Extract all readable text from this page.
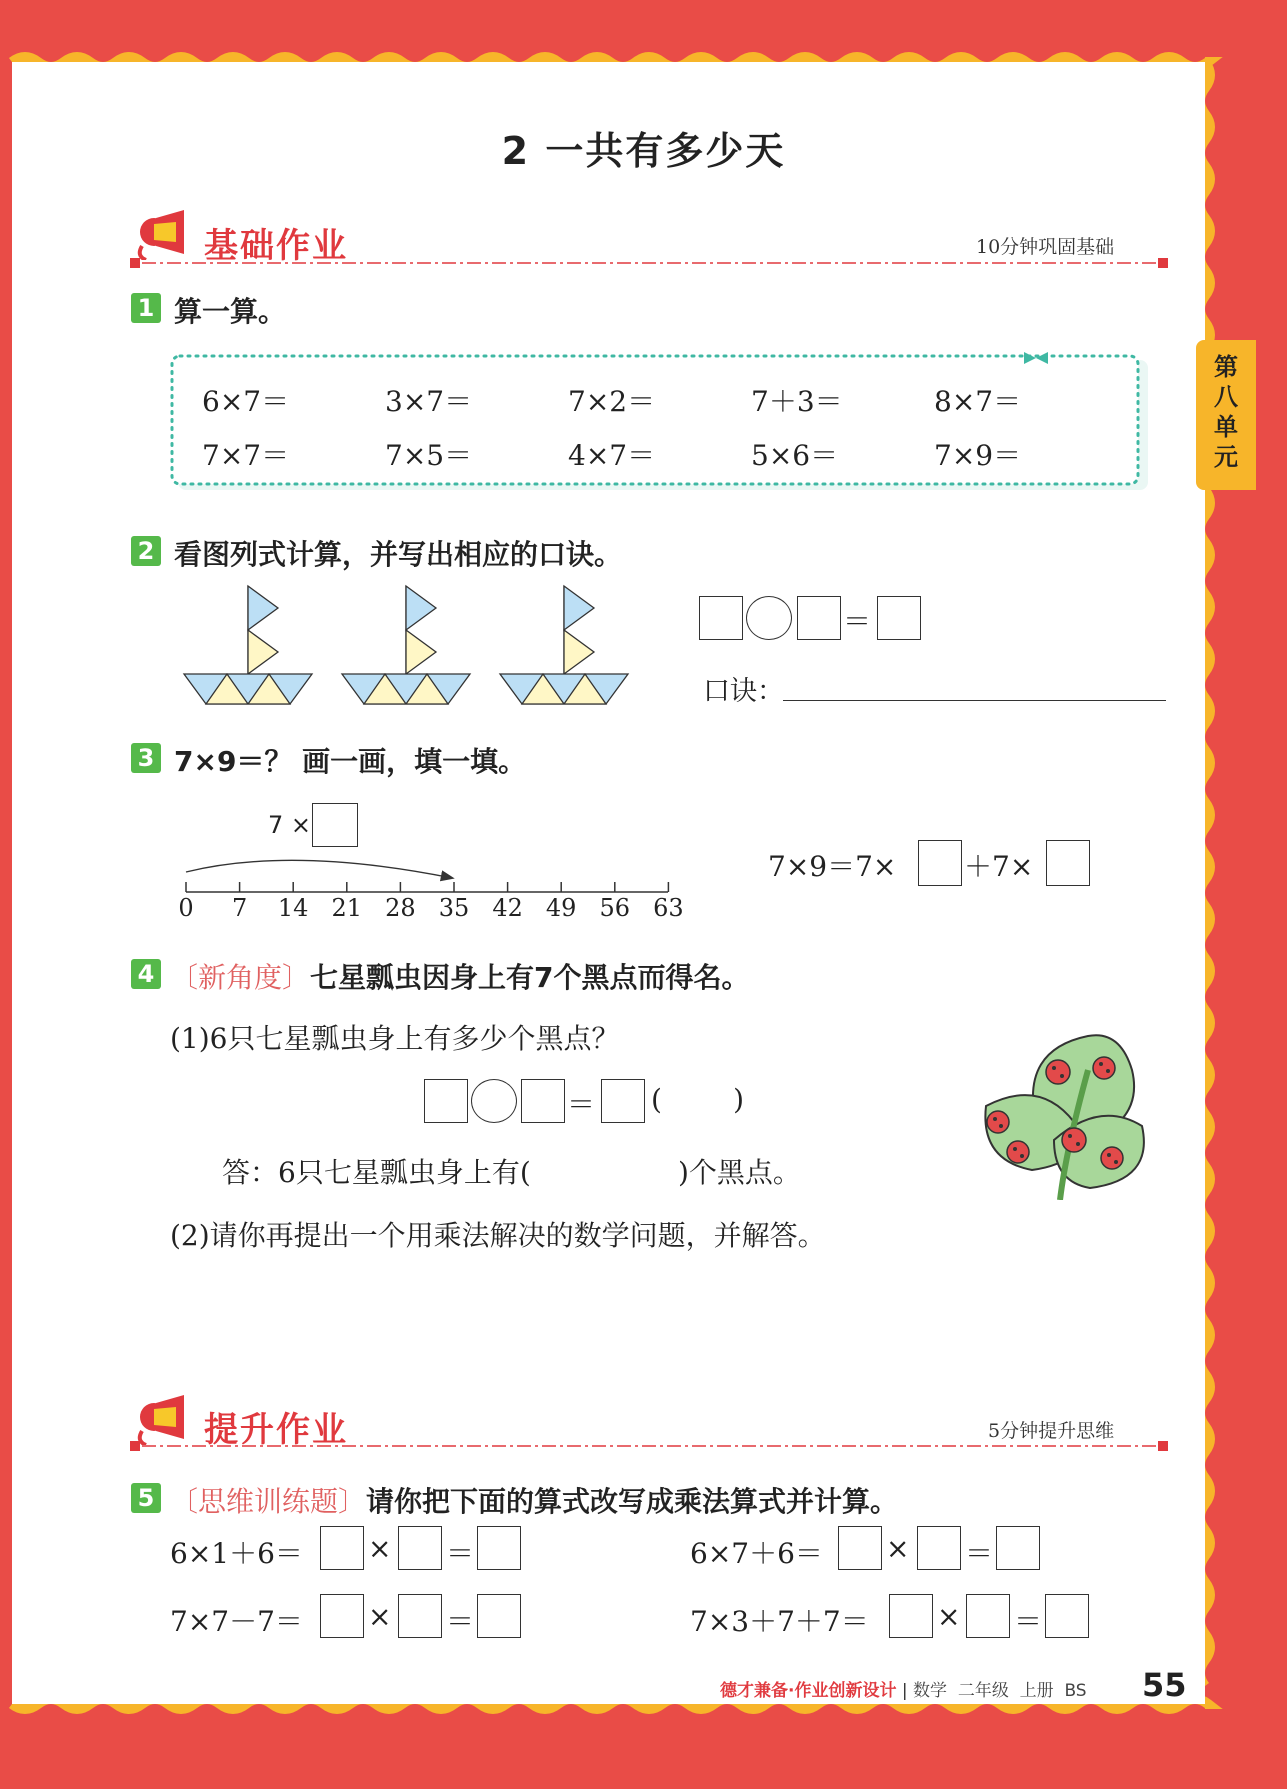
第八单元
2 一共有多少天
基础作业	10分钟巩固基础
1 算一算。
6×7＝	3×7＝	7×2＝	7＋3＝	8×7＝
7×7＝	7×5＝	4×7＝	5×6＝	7×9＝
2 看图列式计算，并写出相应的口诀。
＝
口诀：
3 7×9＝？ 画一画，填一填。
7 ×
0	7	14 21 28 35 42 49 56 63
7×9＝7× ＋7×
4 〔新角度〕七星瓢虫因身上有7个黑点而得名。
(1)6只七星瓢虫身上有多少个黑点？
＝ (        )
答：6只七星瓢虫身上有(	)个黑点。
(2)请你再提出一个用乘法解决的数学问题，并解答。
提升作业	5分钟提升思维
5 〔思维训练题〕请你把下面的算式改写成乘法算式并计算。
6×1＋6＝ × ＝	6×7＋6＝ × ＝
7×7－7＝ × ＝	7×3＋7＋7＝ × ＝
德才兼备·作业创新设计 | 数学  二年级  上册  BS 55
